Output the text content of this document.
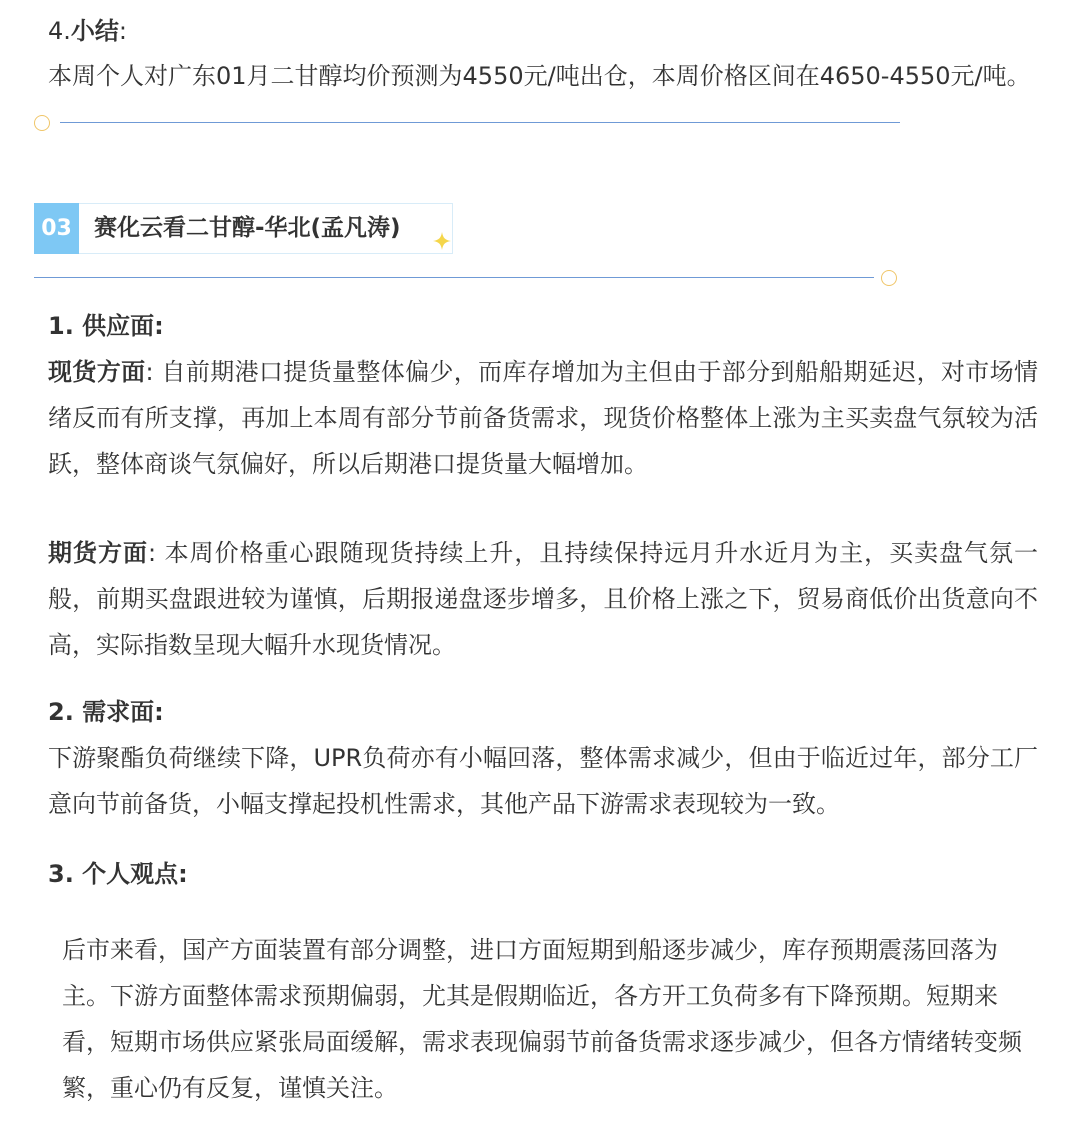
4.小结:
本周个人对广东01月二甘醇均价预测为4550元/吨出仓，本周价格区间在4650-4550元/吨。
03 赛化云看二甘醇-华北(孟凡涛)
1. 供应面:

现货方面: 自前期港口提货量整体偏少，而库存增加为主但由于部分到船船期延迟，对市场情绪反而有所支撑，再加上本周有部分节前备货需求，现货价格整体上涨为主买卖盘气氛较为活跃，整体商谈气氛偏好，所以后期港口提货量大幅增加。

期货方面: 本周价格重心跟随现货持续上升，且持续保持远月升水近月为主，买卖盘气氛一般，前期买盘跟进较为谨慎，后期报递盘逐步增多，且价格上涨之下，贸易商低价出货意向不高，实际指数呈现大幅升水现货情况。

2. 需求面:

下游聚酯负荷继续下降，UPR负荷亦有小幅回落，整体需求减少，但由于临近过年，部分工厂意向节前备货，小幅支撑起投机性需求，其他产品下游需求表现较为一致。

3. 个人观点:

后市来看，国产方面装置有部分调整，进口方面短期到船逐步减少，库存预期震荡回落为主。下游方面整体需求预期偏弱，尤其是假期临近，各方开工负荷多有下降预期。短期来看，短期市场供应紧张局面缓解，需求表现偏弱节前备货需求逐步减少，但各方情绪转变频繁，重心仍有反复，谨慎关注。
